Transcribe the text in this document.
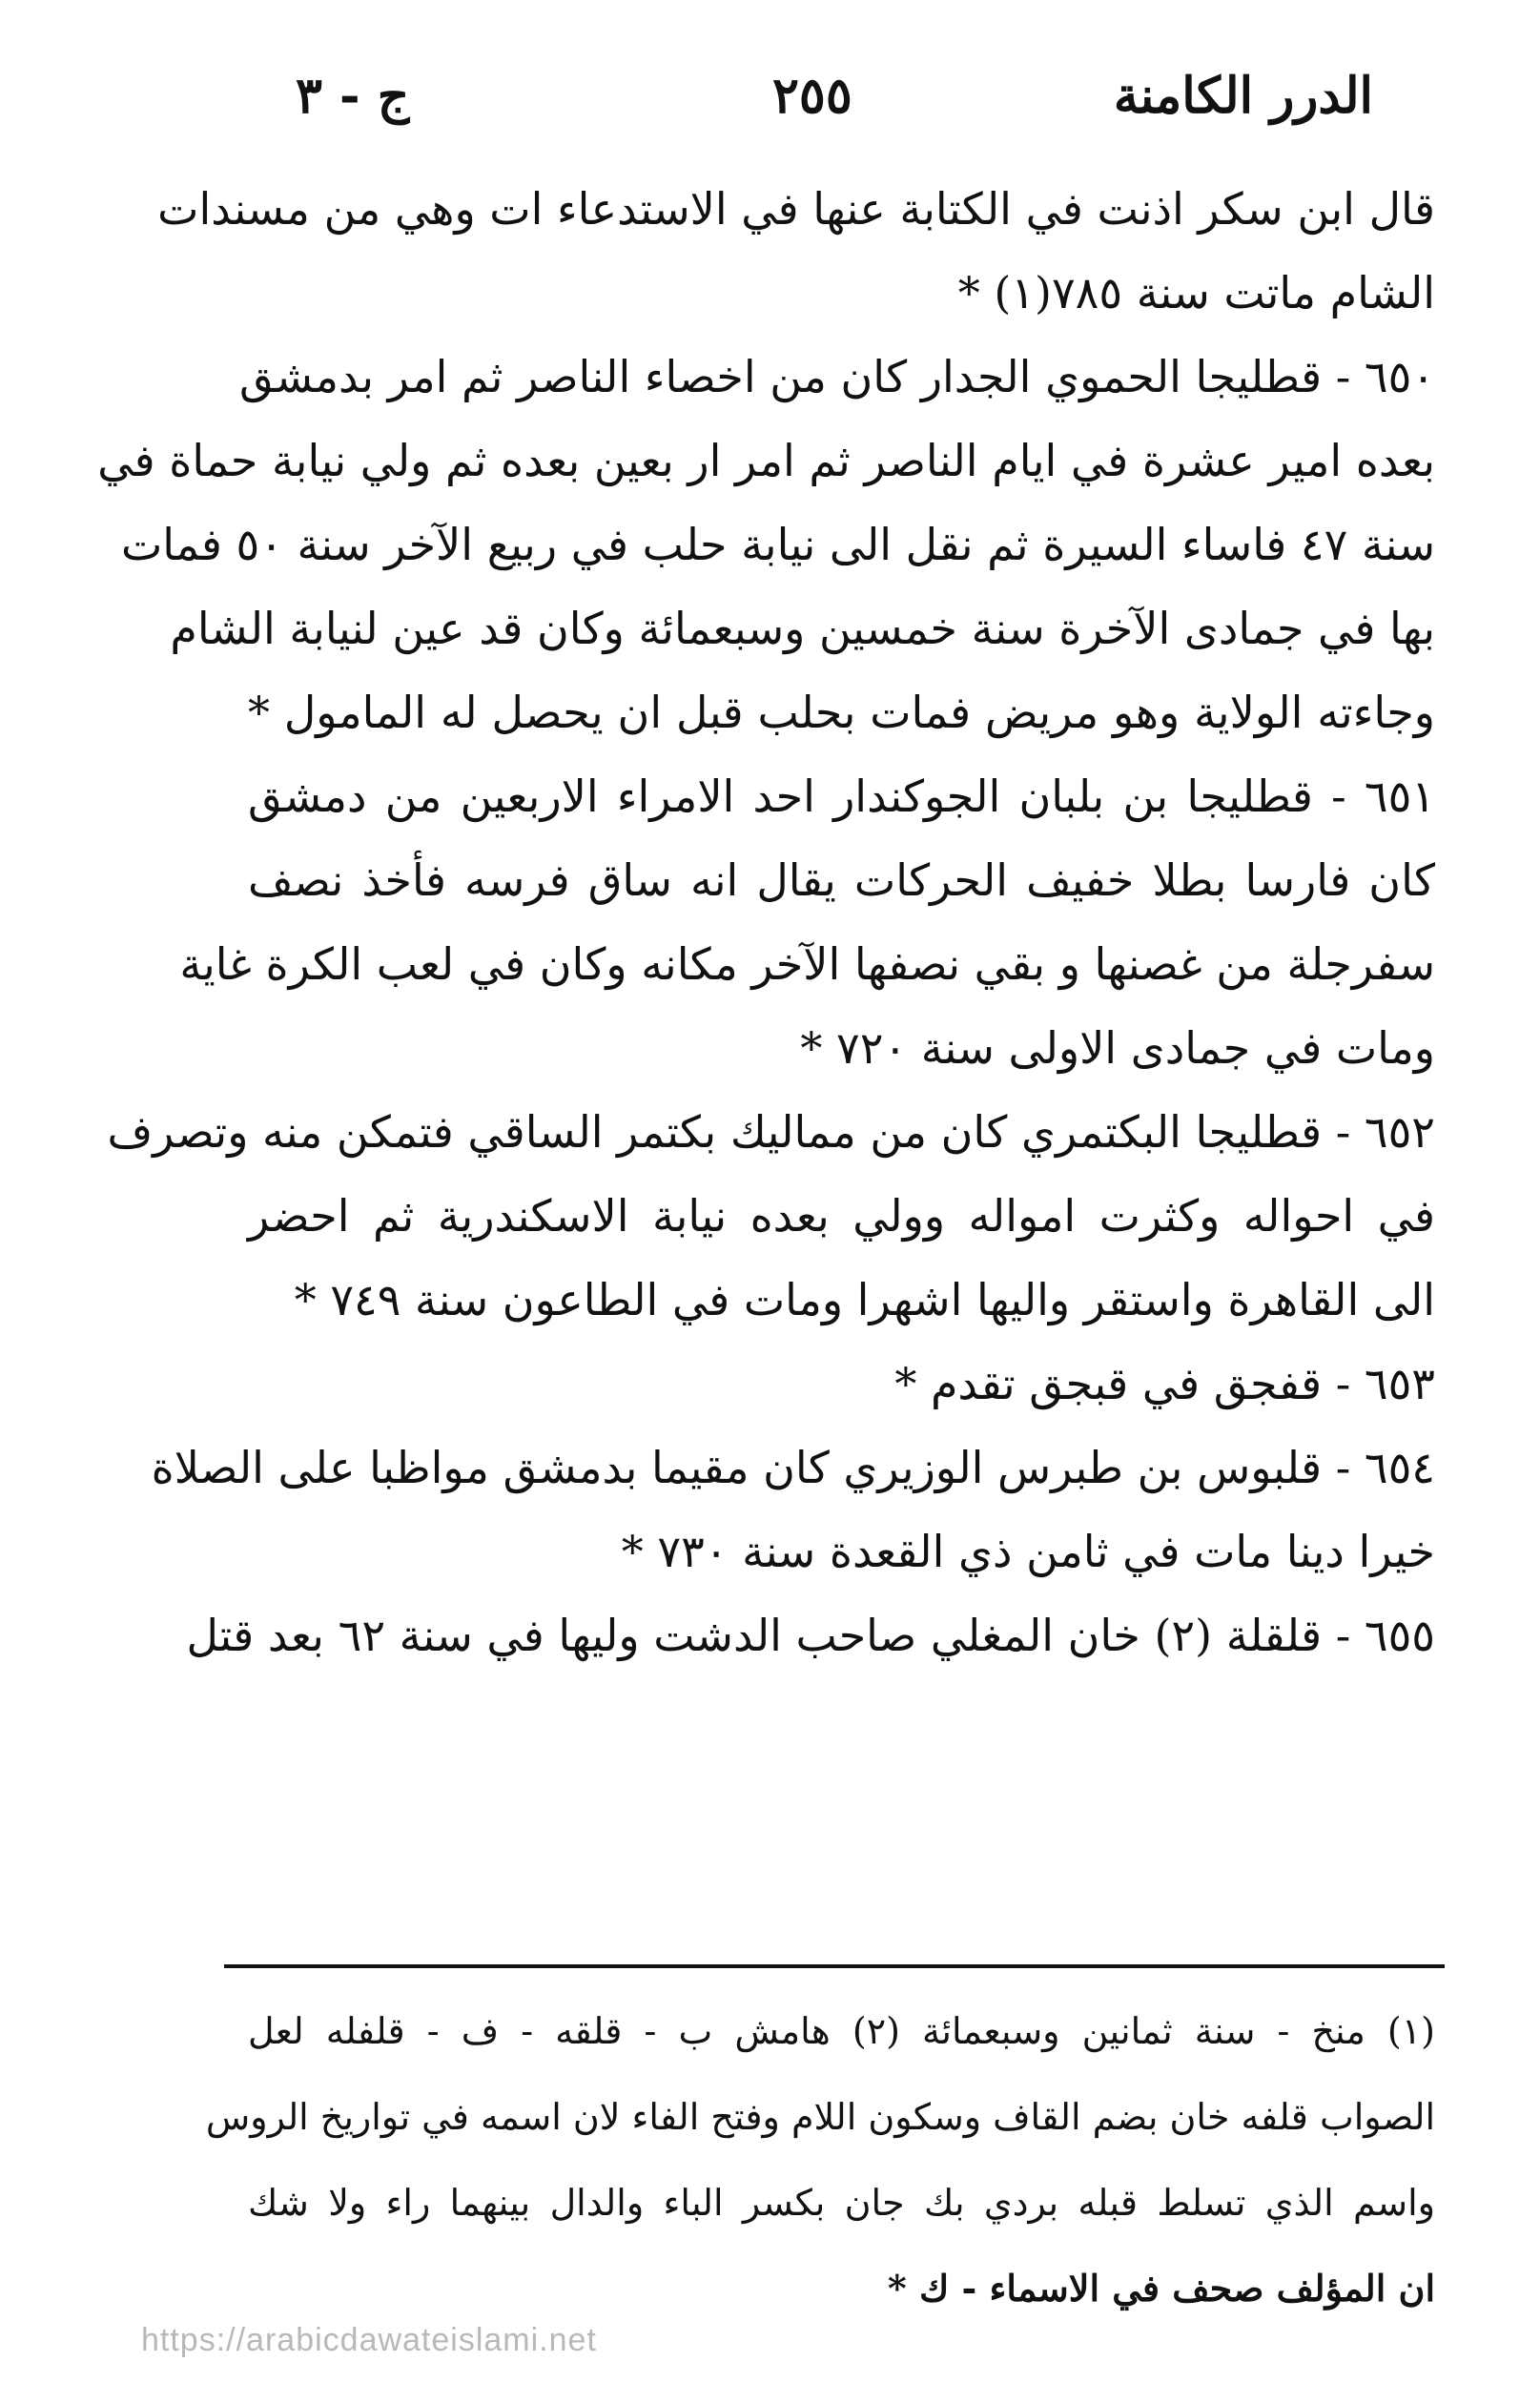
الدرر الكامنة
٢٥٥
ج - ٣
قال ابن سكر اذنت في الكتابة عنها في الاستدعاء ات وهي من مسندات
الشام ماتت سنة ٧٨٥(١) *
٦٥٠ - قطليجا الحموي الجدار كان من اخصاء الناصر ثم امر بدمشق
بعده امير عشرة في ايام الناصر ثم امر ار بعين بعده ثم ولي نيابة حماة في
سنة ٤٧ فاساء السيرة ثم نقل الى نيابة حلب في ربيع الآخر سنة ٥٠ فمات
بها في جمادى الآخرة سنة خمسين وسبعمائة وكان قد عين لنيابة الشام
وجاءته الولاية وهو مريض فمات بحلب قبل ان يحصل له المامول *
٦٥١ - قطليجا بن بلبان الجوكندار احد الامراء الاربعين من دمشق
كان فارسا بطلا خفيف الحركات يقال انه ساق فرسه فأخذ نصف
سفرجلة من غصنها و بقي نصفها الآخر مكانه وكان في لعب الكرة غاية
ومات في جمادى الاولى سنة ٧٢٠ *
٦٥٢ - قطليجا البكتمري كان من مماليك بكتمر الساقي فتمكن منه وتصرف
في احواله وكثرت امواله وولي بعده نيابة الاسكندرية ثم احضر
الى القاهرة واستقر واليها اشهرا ومات في الطاعون سنة ٧٤٩ *
٦٥٣ - قفجق في قبجق تقدم *
٦٥٤ - قلبوس بن طبرس الوزيري كان مقيما بدمشق مواظبا على الصلاة
خيرا دينا مات في ثامن ذي القعدة سنة ٧٣٠ *
٦٥٥ - قلقلة (٢) خان المغلي صاحب الدشت وليها في سنة ٦٢ بعد قتل
(١) منخ - سنة ثمانين وسبعمائة (٢) هامش ب - قلقه - ف - قلفله لعل
الصواب قلفه خان بضم القاف وسكون اللام وفتح الفاء لان اسمه في تواريخ الروس
واسم الذي تسلط قبله بردي بك جان بكسر الباء والدال بينهما راء ولا شك
ان المؤلف صحف في الاسماء - ك *
https://arabicdawateislami.net
